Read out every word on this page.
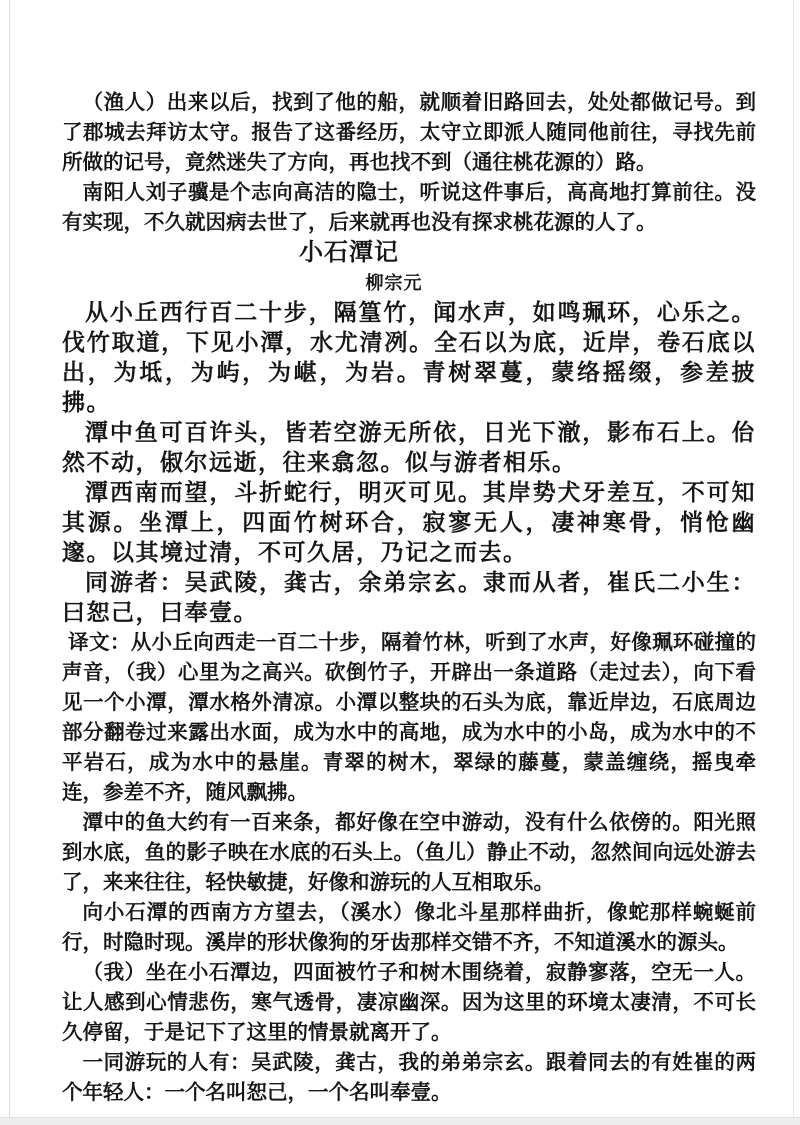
（渔人）出来以后，找到了他的船，就顺着旧路回去，处处都做记号。到了郡城去拜访太守。报告了这番经历，太守立即派人随同他前往，寻找先前所做的记号，竟然迷失了方向，再也找不到（通往桃花源的）路。

南阳人刘子骥是个志向高洁的隐士，听说这件事后，高高地打算前往。没有实现，不久就因病去世了，后来就再也没有探求桃花源的人了。

小石潭记
柳宗元

从小丘西行百二十步，隔篁竹，闻水声，如鸣珮环，心乐之。伐竹取道，下见小潭，水尤清冽。全石以为底，近岸，卷石底以出，为坻，为屿，为嵁，为岩。青树翠蔓，蒙络摇缀，参差披拂。

潭中鱼可百许头，皆若空游无所依，日光下澈，影布石上。佁然不动，俶尔远逝，往来翕忽。似与游者相乐。

潭西南而望，斗折蛇行，明灭可见。其岸势犬牙差互，不可知其源。坐潭上，四面竹树环合，寂寥无人，凄神寒骨，悄怆幽邃。以其境过清，不可久居，乃记之而去。

同游者：吴武陵，龚古，余弟宗玄。隶而从者，崔氏二小生：曰恕己，曰奉壹。

译文：从小丘向西走一百二十步，隔着竹林，听到了水声，好像珮环碰撞的声音，（我）心里为之高兴。砍倒竹子，开辟出一条道路（走过去），向下看见一个小潭，潭水格外清凉。小潭以整块的石头为底，靠近岸边，石底周边部分翻卷过来露出水面，成为水中的高地，成为水中的小岛，成为水中的不平岩石，成为水中的悬崖。青翠的树木，翠绿的藤蔓，蒙盖缠绕，摇曳牵连，参差不齐，随风飘拂。

潭中的鱼大约有一百来条，都好像在空中游动，没有什么依傍的。阳光照到水底，鱼的影子映在水底的石头上。（鱼儿）静止不动，忽然间向远处游去了，来来往往，轻快敏捷，好像和游玩的人互相取乐。

向小石潭的西南方方望去，（溪水）像北斗星那样曲折，像蛇那样蜿蜒前行，时隐时现。溪岸的形状像狗的牙齿那样交错不齐，不知道溪水的源头。

（我）坐在小石潭边，四面被竹子和树木围绕着，寂静寥落，空无一人。让人感到心情悲伤，寒气透骨，凄凉幽深。因为这里的环境太凄清，不可长久停留，于是记下了这里的情景就离开了。

一同游玩的人有：吴武陵，龚古，我的弟弟宗玄。跟着同去的有姓崔的两个年轻人：一个名叫恕己，一个名叫奉壹。
